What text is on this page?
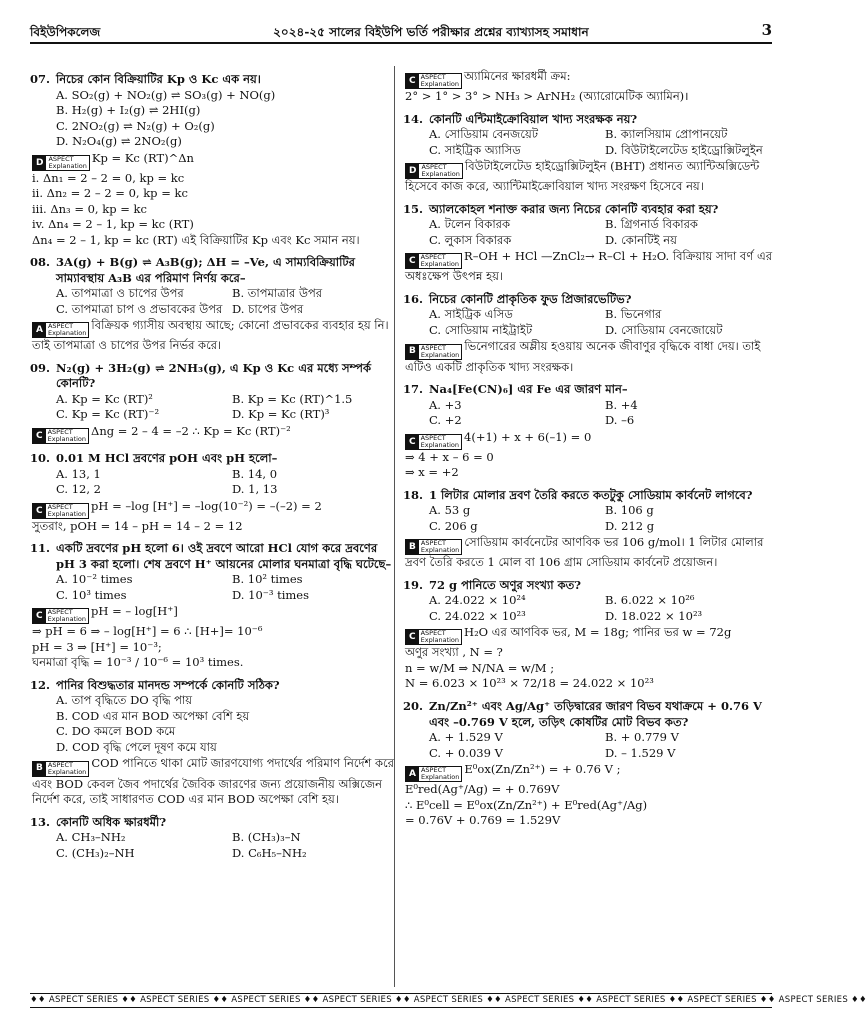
বিইউপিকলেজ	২০২৪-২৫ সালের বিইউপি ভর্তি পরীক্ষার প্রশ্নের ব্যাখ্যাসহ সমাধান	3
07. নিচের কোন বিক্রিয়াটির Kp ও Kc এক নয়।
A. SO₂(g) + NO₂(g) ⇌ SO₃(g) + NO(g)
B. H₂(g) + I₂(g) ⇌ 2HI(g)
C. 2NO₂(g) ⇌ N₂(g) + O₂(g)
D. N₂O₄(g) ⇌ 2NO₂(g)
D ASPECT
Explanation
Kp = Kc (RT)^Δn
i. Δn₁ = 2 – 2 = 0, kp = kc
ii. Δn₂ = 2 – 2 = 0, kp = kc
iii. Δn₃ = 0, kp = kc
iv. Δn₄ = 2 – 1, kp = kc (RT)
Δn₄ = 2 – 1, kp = kc (RT) এই বিক্রিয়াটির Kp এবং Kc সমান নয়।
08. 3A(g) + B(g) ⇌ A₃B(g); ΔH = –Ve, এ সাম্যবিক্রিয়াটির সাম্যাবস্থায় A₃B এর পরিমাণ নির্ণয় করে–
A. তাপমাত্রা ও চাপের উপর	B. তাপমাত্রার উপর
C. তাপমাত্রা চাপ ও প্রভাবকের উপর D. চাপের উপর
A ASPECT
Explanation
বিক্রিয়ক গ্যাসীয় অবস্থায় আছে; কোনো প্রভাবকের ব্যবহার হয় নি। তাই তাপমাত্রা ও চাপের উপর নির্ভর করে।
09. N₂(g) + 3H₂(g) ⇌ 2NH₃(g), এ Kp ও Kc এর মধ্যে সম্পর্ক কোনটি?
A. Kp = Kc (RT)²	B. Kp = Kc (RT)^1.5
C. Kp = Kc (RT)⁻²	D. Kp = Kc (RT)³
C ASPECT
Explanation
Δng = 2 – 4 = –2 ∴ Kp = Kc (RT)⁻²
10. 0.01 M HCl দ্রবণের pOH এবং pH হলো–
A. 13, 1	B. 14, 0
C. 12, 2	D. 1, 13
C ASPECT
Explanation
pH = –log [H⁺] = –log(10⁻²) = –(–2) = 2
সুতরাং, pOH = 14 – pH = 14 – 2 = 12
11. একটি দ্রবণের pH হলো 6। ওই দ্রবণে আরো HCl যোগ করে দ্রবণের pH 3 করা হলো। শেষ দ্রবণে H⁺ আয়নের মোলার ঘনমাত্রা বৃদ্ধি ঘটেছে–
A. 10⁻² times	B. 10² times
C. 10³ times	D. 10⁻³ times
C ASPECT
Explanation
pH = – log[H⁺]
⇒ pH = 6 ⇒ – log[H⁺] = 6 ∴ [H+]= 10⁻⁶
pH = 3 ⇒ [H⁺] = 10⁻³;
ঘনমাত্রা বৃদ্ধি = 10⁻³ / 10⁻⁶ = 10³ times.
12. পানির বিশুদ্ধতার মানদন্ড সম্পর্কে কোনটি সঠিক?
A. তাপ বৃদ্ধিতে DO বৃদ্ধি পায়
B. COD এর মান BOD অপেক্ষা বেশি হয়
C. DO কমলে BOD কমে
D. COD বৃদ্ধি পেলে দূষণ কমে যায়
B ASPECT
Explanation
COD পানিতে থাকা মোট জারণযোগ্য পদার্থের পরিমাণ নির্দেশ করে এবং BOD কেবল জৈব পদার্থের জৈবিক জারণের জন্য প্রয়োজনীয় অক্সিজেন নির্দেশ করে, তাই সাধারণত COD এর মান BOD অপেক্ষা বেশি হয়।
13. কোনটি অধিক ক্ষারধর্মী?
A. CH₃–NH₂	B. (CH₃)₃–N
C. (CH₃)₂–NH	D. C₆H₅–NH₂
C ASPECT
Explanation
অ্যামিনের ক্ষারধর্মী ক্রম:
2° > 1° > 3° > NH₃ > ArNH₂ (অ্যারোমেটিক অ্যামিন)।
14. কোনটি এন্টিমাইক্রোবিয়াল খাদ্য সংরক্ষক নয়?
A. সোডিয়াম বেনজয়েট	B. ক্যালসিয়াম প্রোপানয়েট
C. সাইট্রিক অ্যাসিড	D. বিউটাইলেটেড হাইড্রোক্সিটলুইন
D ASPECT
Explanation
বিউটাইলেটেড হাইড্রোক্সিটলুইন (BHT) প্রধানত অ্যান্টিঅক্সিডেন্ট হিসেবে কাজ করে, অ্যান্টিমাইক্রোবিয়াল খাদ্য সংরক্ষণ হিসেবে নয়।
15. অ্যালকোহল শনাক্ত করার জন্য নিচের কোনটি ব্যবহার করা হয়?
A. টলেন বিকারক	B. গ্রিগনার্ড বিকারক
C. লুকাস বিকারক	D. কোনটিই নয়
C ASPECT
Explanation
R–OH + HCl —ZnCl₂→ R–Cl + H₂O. বিক্রিয়ায় সাদা বর্ণ এর অধঃক্ষেপ উৎপন্ন হয়।
16. নিচের কোনটি প্রাকৃতিক ফুড প্রিজারভেটিভ?
A. সাইট্রিক এসিড	B. ভিনেগার
C. সোডিয়াম নাইট্রাইট	D. সোডিয়াম বেনজোয়েট
B ASPECT
Explanation
ভিনেগারের অম্লীয় হওয়ায় অনেক জীবাণুর বৃদ্ধিকে বাধা দেয়। তাই এটিও একটি প্রাকৃতিক খাদ্য সংরক্ষক।
17. Na₄[Fe(CN)₆] এর Fe এর জারণ মান–
A. +3	B. +4
C. +2	D. –6
C ASPECT
Explanation
4(+1) + x + 6(–1) = 0
⇒ 4 + x – 6 = 0
⇒ x = +2
18. 1 লিটার মোলার দ্রবণ তৈরি করতে কতটুকু সোডিয়াম কার্বনেট লাগবে?
A. 53 g	B. 106 g
C. 206 g	D. 212 g
B ASPECT
Explanation
সোডিয়াম কার্বনেটের আণবিক ভর 106 g/mol। 1 লিটার মোলার দ্রবণ তৈরি করতে 1 মোল বা 106 গ্রাম সোডিয়াম কার্বনেট প্রয়োজন।
19. 72 g পানিতে অণুর সংখ্যা কত?
A. 24.022 × 10²⁴	B. 6.022 × 10²⁶
C. 24.022 × 10²³	D. 18.022 × 10²³
C ASPECT
Explanation
H₂O এর আণবিক ভর, M = 18g; পানির ভর w = 72g
অণুর সংখ্যা , N = ?
n = w/M ⇒ N/NA = w/M ;
N = 6.023 × 10²³ × 72/18 = 24.022 × 10²³
20. Zn/Zn²⁺ এবং Ag/Ag⁺ তড়িদ্বারের জারণ বিভব যথাক্রমে + 0.76 V এবং –0.769 V হলে, তড়িৎ কোষটির মোট বিভব কত?
A. + 1.529 V	B. + 0.779 V
C. + 0.039 V	D. – 1.529 V
A ASPECT
Explanation
E⁰ox(Zn/Zn²⁺) = + 0.76 V ;
E⁰red(Ag⁺/Ag) = + 0.769V
∴ E⁰cell = E⁰ox(Zn/Zn²⁺) + E⁰red(Ag⁺/Ag)
= 0.76V + 0.769 = 1.529V
♦♦ ASPECT SERIES ♦♦ ASPECT SERIES ♦♦ ASPECT SERIES ♦♦ ASPECT SERIES ♦♦ ASPECT SERIES ♦♦ ASPECT SERIES ♦♦ ASPECT SERIES ♦♦ ASPECT SERIES ♦♦ ASPECT SERIES ♦♦
